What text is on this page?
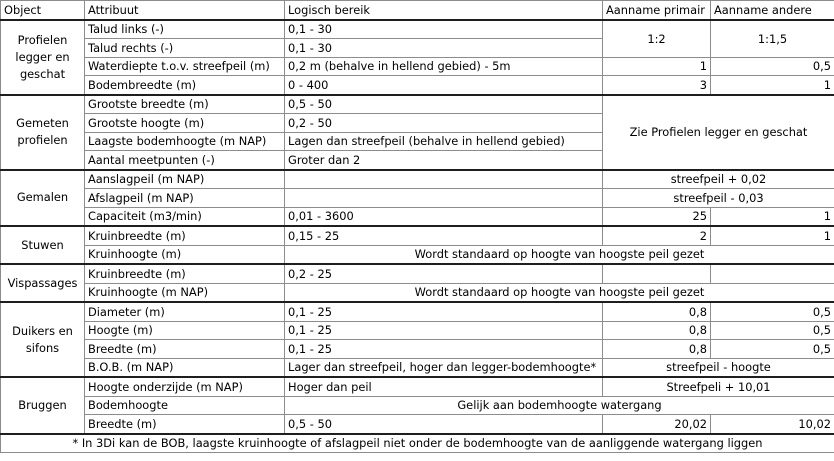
Object	Attribuut	Logisch bereik	Aanname primair	Aanname andere
Profielen legger en geschat	Talud links (-)	0,1 - 30	1:2	1:1,5
	Talud rechts (-)	0,1 - 30		
	Waterdiepte t.o.v. streefpeil (m)	0,2 m (behalve in hellend gebied) - 5m	1	0,5
	Bodembreedte (m)	0 - 400	3	1
Gemeten profielen	Grootste breedte (m)	0,5 - 50	Zie Profielen legger en geschat	
	Grootste hoogte (m)	0,2 - 50		
	Laagste bodemhoogte (m NAP)	Lagen dan streefpeil (behalve in hellend gebied)		
	Aantal meetpunten (-)	Groter dan 2		
Gemalen	Aanslagpeil (m NAP)		streefpeil + 0,02	
	Afslagpeil (m NAP)		streefpeil - 0,03	
	Capaciteit (m3/min)	0,01 - 3600	25	1
Stuwen	Kruinbreedte (m)	0,15 - 25	2	1
	Kruinhoogte (m)	Wordt standaard op hoogte van hoogste peil gezet		
Vispassages	Kruinbreedte (m)	0,2 - 25		
	Kruinhoogte (m NAP)	Wordt standaard op hoogte van hoogste peil gezet		
Duikers en sifons	Diameter (m)	0,1 - 25	0,8	0,5
	Hoogte (m)	0,1 - 25	0,8	0,5
	Breedte (m)	0,1 - 25	0,8	0,5
	B.O.B. (m NAP)	Lager dan streefpeil, hoger dan legger-bodemhoogte*	streefpeil - hoogte	
Bruggen	Hoogte onderzijde (m NAP)	Hoger dan peil	Streefpeli + 10,01	
	Bodemhoogte	Gelijk aan bodemhoogte watergang		
	Breedte (m)	0,5 - 50	20,02	10,02
* In 3Di kan de BOB, laagste kruinhoogte of afslagpeil niet onder de bodemhoogte van de aanliggende watergang liggen				
